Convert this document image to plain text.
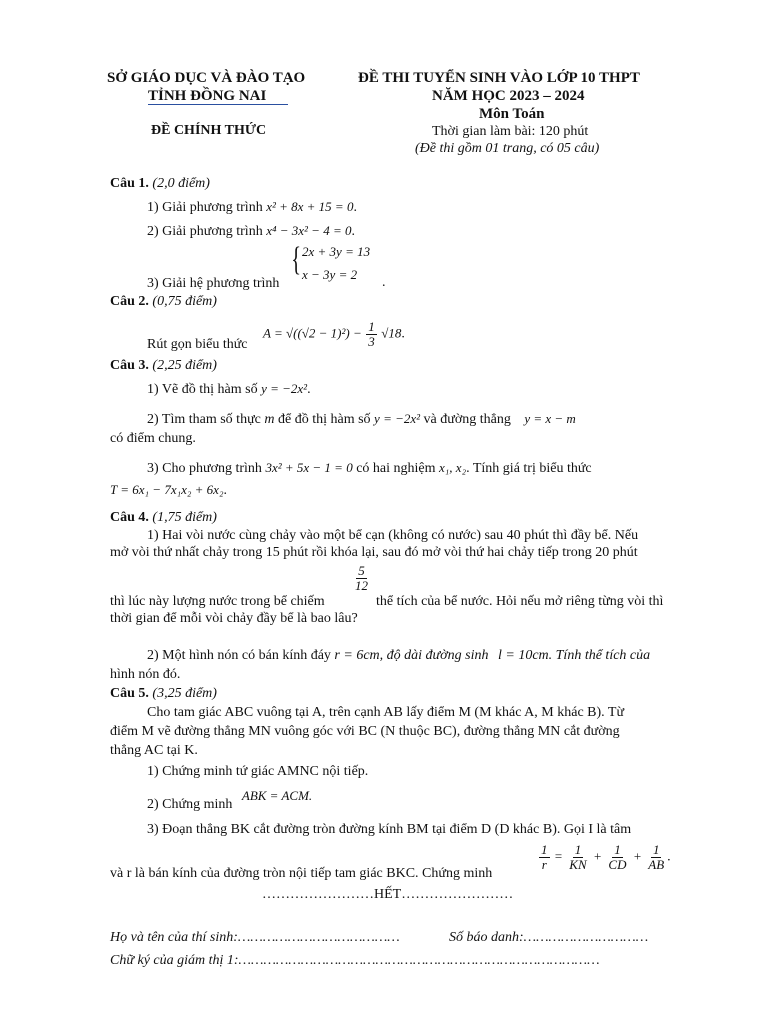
SỞ GIÁO DỤC VÀ ĐÀO TẠO
TỈNH ĐỒNG NAI
ĐỀ CHÍNH THỨC
ĐỀ THI TUYỂN SINH VÀO LỚP 10 THPT
NĂM HỌC 2023 – 2024
Môn Toán
Thời gian làm bài: 120 phút
(Đề thi gồm 01 trang, có 05 câu)
Câu 1. (2,0 điểm)
1) Giải phương trình x² + 8x + 15 = 0.
2) Giải phương trình x⁴ − 3x² − 4 = 0.
3) Giải hệ phương trình
{ 2x + 3y = 13
x − 3y = 2
.
Câu 2. (0,75 điểm)
Rút gọn biểu thức
$A = √((√2 - 1)^2) - \frac{1}{3} √18$.
Câu 3. (2,25 điểm)
1) Vẽ đồ thị hàm số y = −2x².
2) Tìm tham số thực m để đồ thị hàm số y = −2x² và đường thẳng y = x − m
có điểm chung.
3) Cho phương trình 3x² + 5x − 1 = 0 có hai nghiệm x₁, x₂. Tính giá trị biểu thức
T = 6x₁ − 7x₁x₂ + 6x₂.
Câu 4. (1,75 điểm)
1) Hai vòi nước cùng chảy vào một bể cạn (không có nước) sau 40 phút thì đầy bể. Nếu
mở vòi thứ nhất chảy trong 15 phút rồi khóa lại, sau đó mở vòi thứ hai chảy tiếp trong 20 phút
thì lúc này lượng nước trong bể chiếm
$\frac{5}{12}$
thể tích của bể nước. Hỏi nếu mở riêng từng vòi thì
thời gian để mỗi vòi chảy đầy bể là bao lâu?
2) Một hình nón có bán kính đáy r = 6cm, độ dài đường sinh l = 10cm. Tính thể tích của
hình nón đó.
Câu 5. (3,25 điểm)
Cho tam giác ABC vuông tại A, trên cạnh AB lấy điểm M (M khác A, M khác B). Từ
điểm M vẽ đường thẳng MN vuông góc với BC (N thuộc BC), đường thẳng MN cắt đường
thẳng AC tại K.
1) Chứng minh tứ giác AMNC nội tiếp.
2) Chứng minh ABK = ACM.
3) Đoạn thẳng BK cắt đường tròn đường kính BM tại điểm D (D khác B). Gọi I là tâm
và r là bán kính của đường tròn nội tiếp tam giác BKC. Chứng minh
$\frac{1}{r} = \frac{1}{KN} + \frac{1}{CD} + \frac{1}{AB}$ .
……………………HẾT……………………
Họ và tên của thí sinh:…………………………………	Số báo danh:…………………………
Chữ ký của giám thị 1:……………………………………………………………………………
